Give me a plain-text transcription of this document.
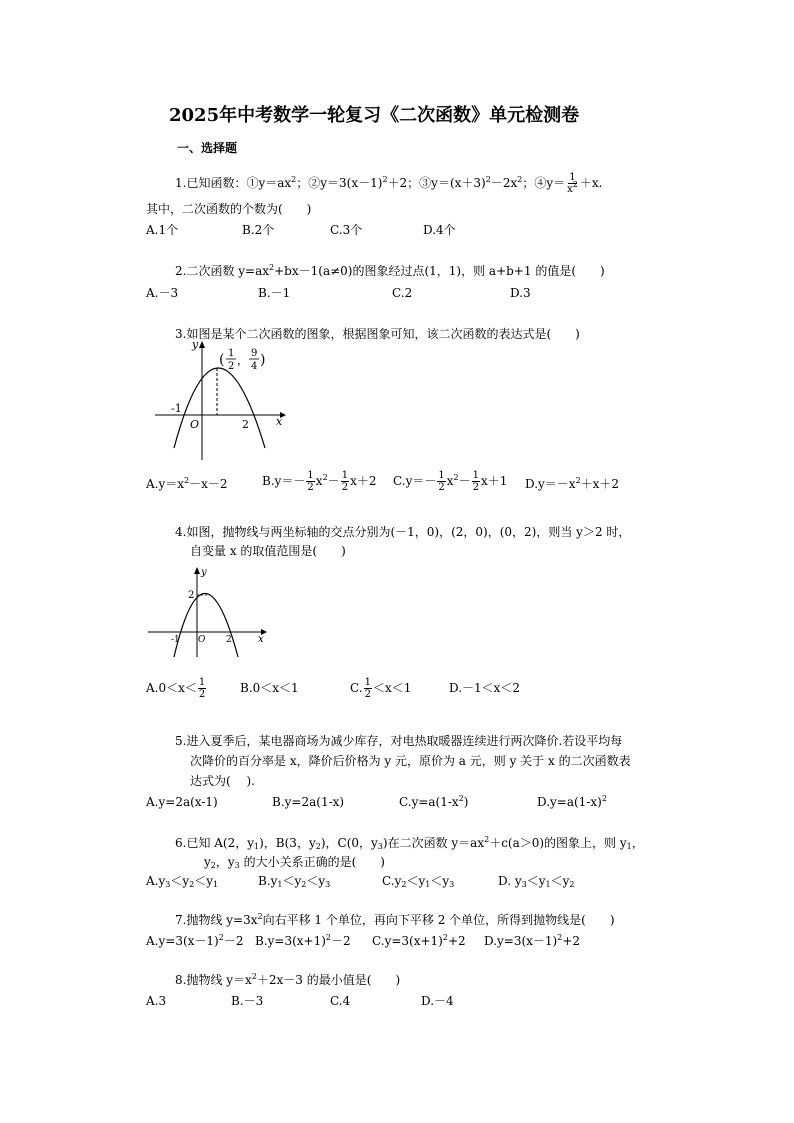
2025年中考数学一轮复习《二次函数》单元检测卷
一、选择题
1.已知函数：$①y=ax^2$；$②y=3(x-1)^2+2$；$③y=(x+3)^2-2x^2$；④y＝ $\frac{1}{x^2} +x$.
其中，二次函数的个数为(　　)
A.1个	B.2个	C.3个	D.4个
2.二次函数 $y=ax^2+bx-1(a\ne 0)$的图象经过点(1，1)，则 a+b+1 的值是(　　)
A.－3	B.－1	C.2	D.3
3.如图是某个二次函数的图象，根据图象可知，该二次函数的表达式是(　　)
y
x
O
-1
2
( 1
2 ，
9
4 )
$A.y=x^2-x-2$	$B.y=- \frac{1}{2} x^2- \frac{1}{2} x+2$ $C.y=- \frac{1}{2} x^2- \frac{1}{2} x+1$ $D.y=-x^2+x+2$
4.如图，抛物线与两坐标轴的交点分别为(－1，0)，(2，0)，(0，2)，则当 y＞2 时，
自变量 x 的取值范围是(　　)
y
x
O
2
-1	2
$A.0<x< \frac{1}{2}$	B.0＜x＜1	C. $\frac{1}{2} <x<1$	D.－1＜x＜2
5.进入夏季后，某电器商场为减少库存，对电热取暖器连续进行两次降价.若设平均每
次降价的百分率是 x，降价后价格为 y 元，原价为 a 元，则 y 关于 x 的二次函数表
达式为(　 ).
A.y=2a(x-1)	B.y=2a(1-x)	$C.y=a(1-x^2)$	$D.y=a(1-x)^2$
6.已知 A(2，$y_1$)，B(3，$y_2$)，C(0，$y_3$)在二次函数 $y=ax^2+c(a>0)$的图象上，则 $y_1$，
$y_2$，$y_3$ 的大小关系正确的是(　　)
$A.y_3<y_2<y_1$	$B.y_1<y_2<y_3$	$C.y_2<y_1<y_3$	D. $y_3<y_1<y_2$
7.抛物线 $y=3x^2$向右平移 1 个单位，再向下平移 2 个单位，所得到抛物线是(　　)
$A.y=3(x-1)^2-2$ $B.y=3(x+1)^2-2$ $C.y=3(x+1)^2+2$ $D.y=3(x-1)^2+2$
8.抛物线 $y=x^2+2x-3$ 的最小值是(　　)
A.3	B.－3	C.4	D.－4
